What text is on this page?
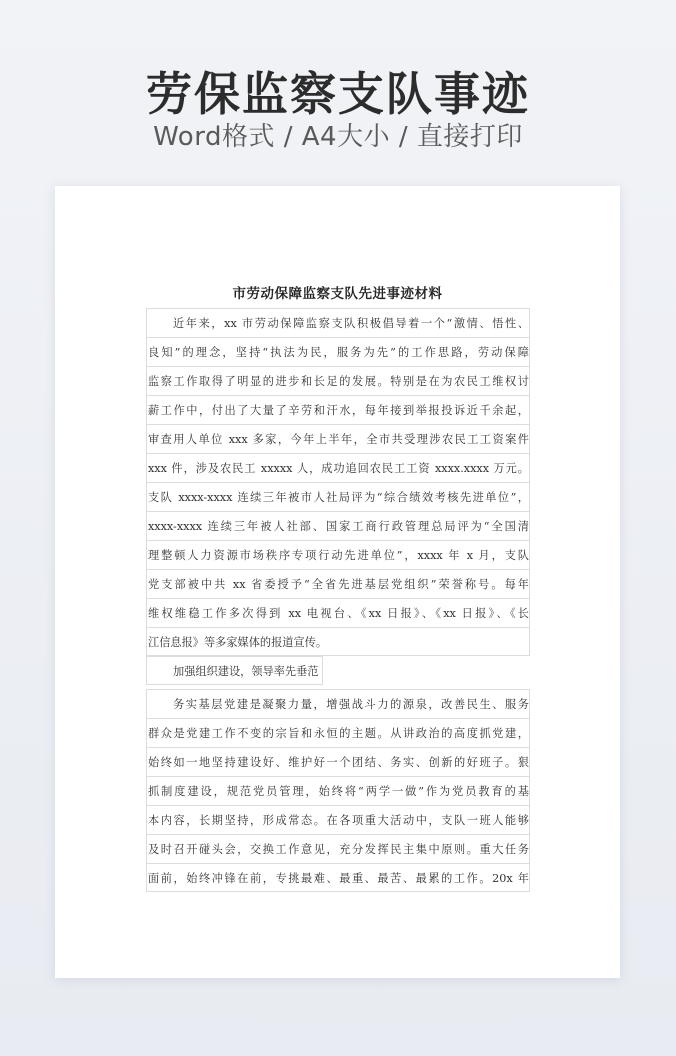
劳保监察支队事迹
Word格式 / A4大小 / 直接打印
市劳动保障监察支队先进事迹材料
近年来，xx 市劳动保障监察支队积极倡导着一个“激情、悟性、
良知”的理念，坚持“执法为民，服务为先”的工作思路，劳动保障
监察工作取得了明显的进步和长足的发展。特别是在为农民工维权讨
薪工作中，付出了大量了辛劳和汗水，每年接到举报投诉近千余起，
审查用人单位 xxx 多家，今年上半年，全市共受理涉农民工工资案件
xxx 件，涉及农民工 xxxxx 人，成功追回农民工工资 xxxx.xxxx 万元。
支队 xxxx-xxxx 连续三年被市人社局评为“综合绩效考核先进单位”，
xxxx-xxxx 连续三年被人社部、国家工商行政管理总局评为“全国清
理整顿人力资源市场秩序专项行动先进单位”，xxxx 年 x 月，支队
党支部被中共 xx 省委授予“全省先进基层党组织”荣誉称号。每年
维权维稳工作多次得到 xx 电视台、《xx 日报》、《xx 日报》、《长
江信息报》等多家媒体的报道宣传。
加强组织建设，领导率先垂范
务实基层党建是凝聚力量，增强战斗力的源泉，改善民生、服务
群众是党建工作不变的宗旨和永恒的主题。从讲政治的高度抓党建，
始终如一地坚持建设好、维护好一个团结、务实、创新的好班子。狠
抓制度建设，规范党员管理，始终将“两学一做”作为党员教育的基
本内容，长期坚持，形成常态。在各项重大活动中，支队一班人能够
及时召开碰头会，交换工作意见，充分发挥民主集中原则。重大任务
面前，始终冲锋在前，专挑最难、最重、最苦、最累的工作。20x 年
